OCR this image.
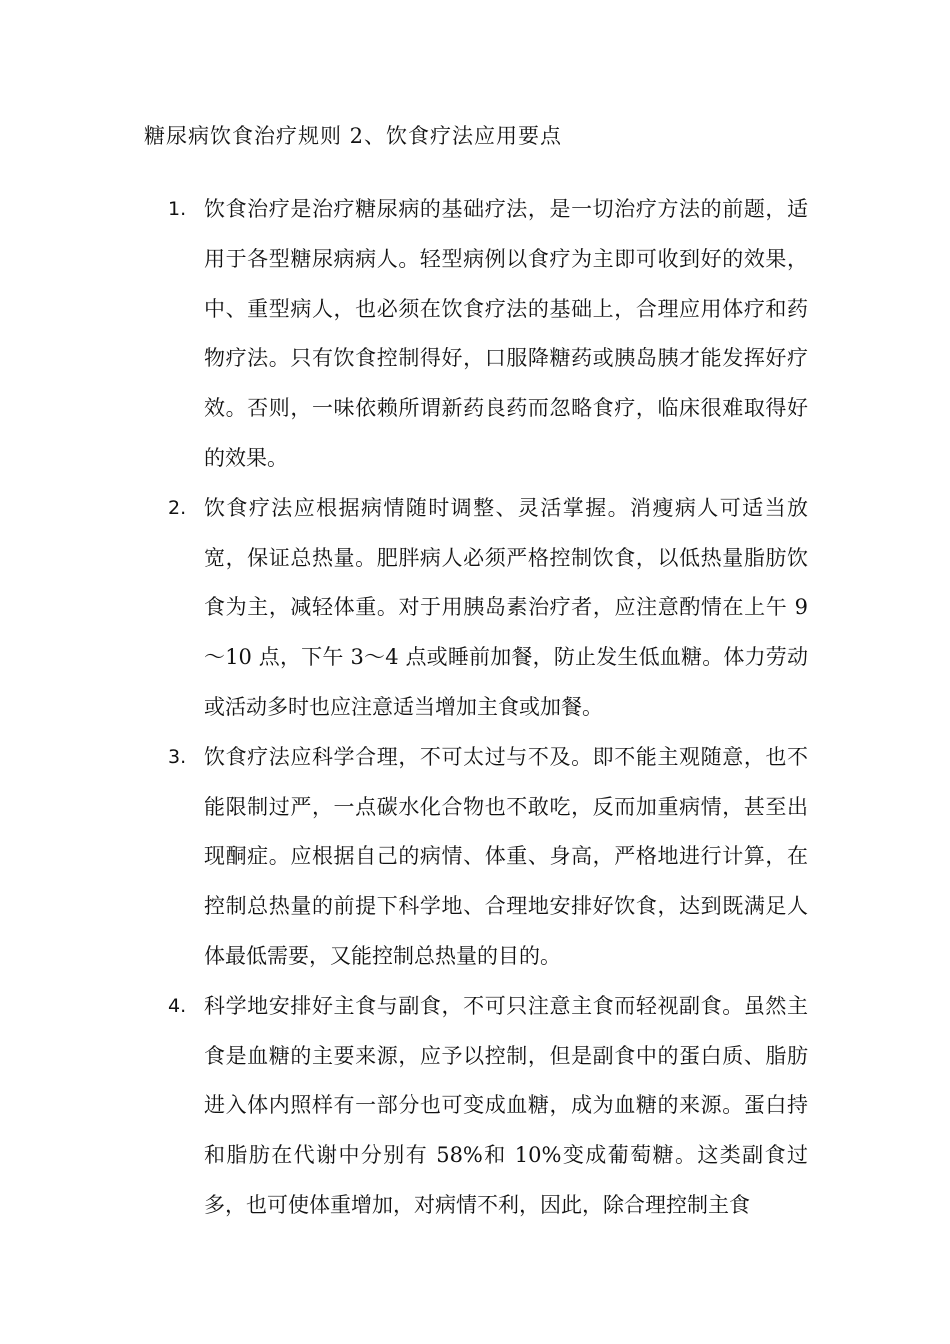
糖尿病饮食治疗规则 2、饮食疗法应用要点
1. 饮食治疗是治疗糖尿病的基础疗法，是一切治疗方法的前题，适用于各型糖尿病病人。轻型病例以食疗为主即可收到好的效果，中、重型病人，也必须在饮食疗法的基础上，合理应用体疗和药物疗法。只有饮食控制得好，口服降糖药或胰岛胰才能发挥好疗效。否则，一味依赖所谓新药良药而忽略食疗，临床很难取得好的效果。
2. 饮食疗法应根据病情随时调整、灵活掌握。消瘦病人可适当放宽，保证总热量。肥胖病人必须严格控制饮食，以低热量脂肪饮食为主，减轻体重。对于用胰岛素治疗者，应注意酌情在上午 9～10 点，下午 3～4 点或睡前加餐，防止发生低血糖。体力劳动或活动多时也应注意适当增加主食或加餐。
3. 饮食疗法应科学合理，不可太过与不及。即不能主观随意，也不能限制过严，一点碳水化合物也不敢吃，反而加重病情，甚至出现酮症。应根据自己的病情、体重、身高，严格地进行计算，在控制总热量的前提下科学地、合理地安排好饮食，达到既满足人体最低需要，又能控制总热量的目的。
4. 科学地安排好主食与副食，不可只注意主食而轻视副食。虽然主食是血糖的主要来源，应予以控制，但是副食中的蛋白质、脂肪进入体内照样有一部分也可变成血糖，成为血糖的来源。蛋白持和脂肪在代谢中分别有 58%和 10%变成葡萄糖。这类副食过多，也可使体重增加，对病情不利，因此，除合理控制主食
